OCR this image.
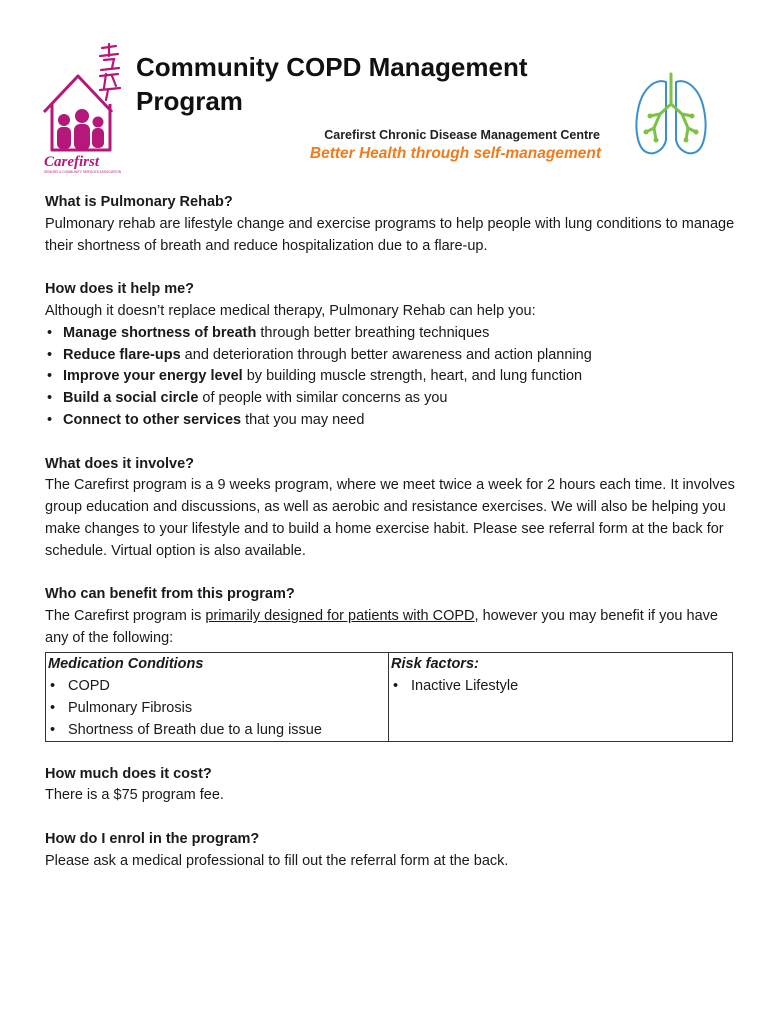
Carefirst
SENIORS & COMMUNITY SERVICES ASSOCIATION

Community COPD Management

Program

Carefirst Chronic Disease Management Centre
Better Health through self-management

What is Pulmonary Rehab?

Pulmonary rehab are lifestyle change and exercise programs to help people with lung conditions to manage their shortness of breath and reduce hospitalization due to a flare-up.

How does it help me?

Although it doesn’t replace medical therapy, Pulmonary Rehab can help you:

• Manage shortness of breath through better breathing techniques
• Reduce flare-ups and deterioration through better awareness and action planning
• Improve your energy level by building muscle strength, heart, and lung function
• Build a social circle of people with similar concerns as you
• Connect to other services that you may need

What does it involve?

The Carefirst program is a 9 weeks program, where we meet twice a week for 2 hours each time. It involves group education and discussions, as well as aerobic and resistance exercises. We will also be helping you make changes to your lifestyle and to build a home exercise habit. Please see referral form at the back for schedule. Virtual option is also available.

Who can benefit from this program?

The Carefirst program is primarily designed for patients with COPD, however you may benefit if you have any of the following:

Medication Conditions
• COPD
• Pulmonary Fibrosis
• Shortness of Breath due to a lung issue

Risk factors:
• Inactive Lifestyle

How much does it cost?

There is a $75 program fee.

How do I enrol in the program?

Please ask a medical professional to fill out the referral form at the back.
